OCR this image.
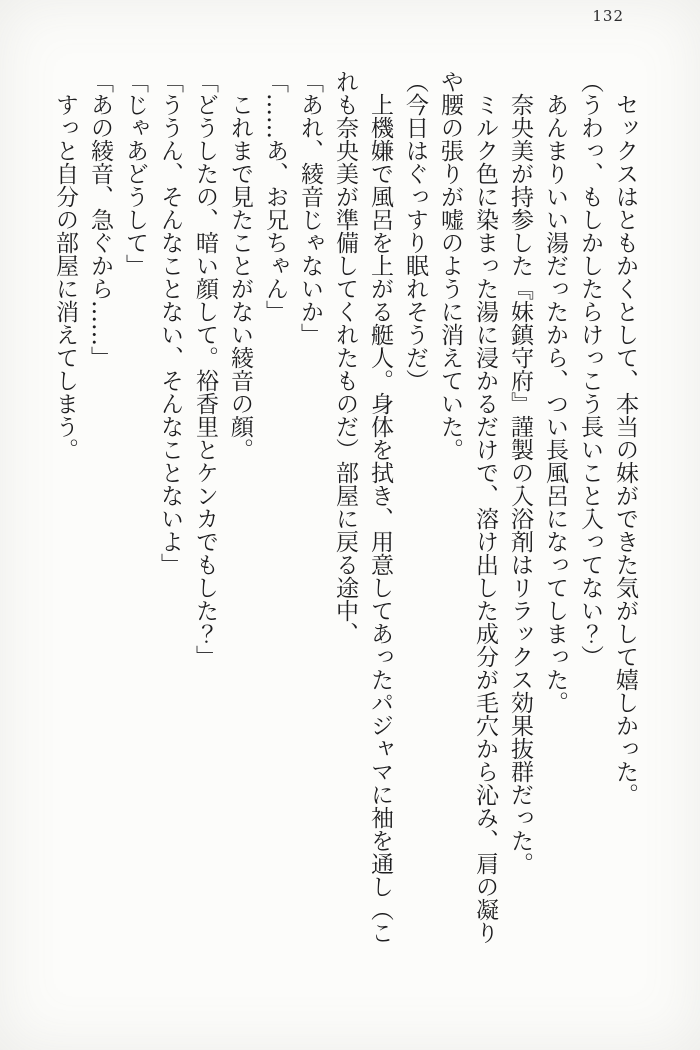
132

　セックスはともかくとして、本当の妹ができた気がして嬉しかった。

（うわっ、もしかしたらけっこう長いこと入ってない？）

　あんまりいい湯だったから、つい長風呂になってしまった。

　奈央美が持参した『妹鎮守府』謹製の入浴剤はリラックス効果抜群だった。

　ミルク色に染まった湯に浸かるだけで、溶け出した成分が毛穴から沁み、肩の凝りや腰の張りが嘘のように消えていた。

（今日はぐっすり眠れそうだ）

　上機嫌で風呂を上がる艇人。身体を拭き、用意してあったパジャマに袖を通し（これも奈央美が準備してくれたものだ）部屋に戻る途中、

「あれ、綾音じゃないか」

「……あ、お兄ちゃん」

　これまで見たことがない綾音の顔。

「どうしたの、暗い顔して。裕香里とケンカでもした？」

「ううん、そんなことない、そんなことないよ」

「じゃあどうして」

「あの綾音、急ぐから……」

　すっと自分の部屋に消えてしまう。
